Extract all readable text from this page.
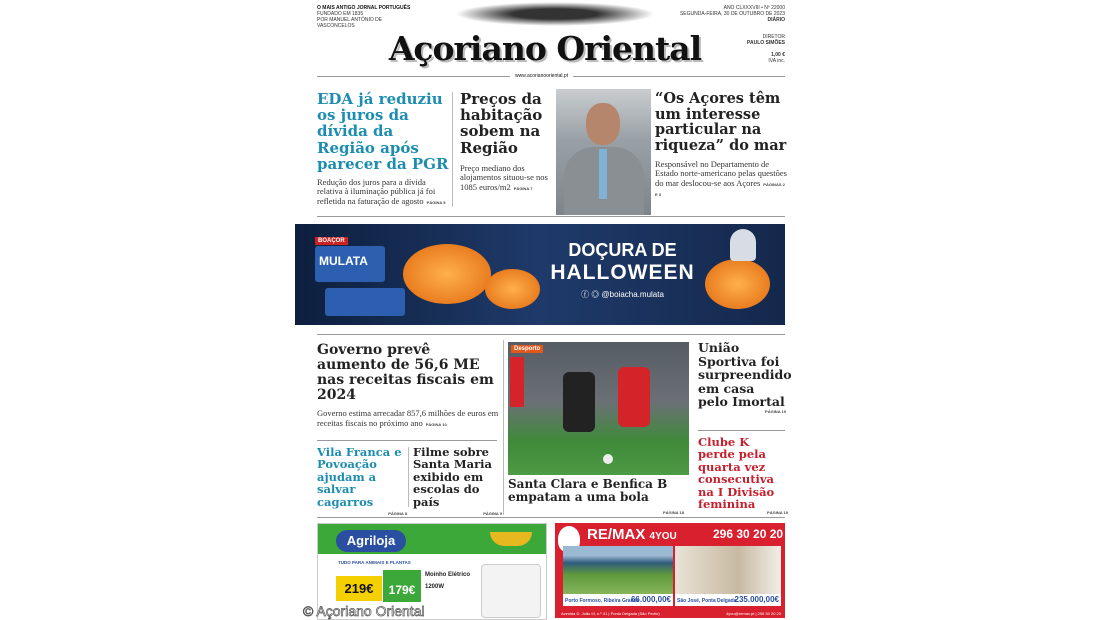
O MAIS ANTIGO JORNAL PORTUGUÊS
FUNDADO EM 1835
POR MANUEL ANTÓNIO DE VASCONCELOS
Açoriano Oriental
ANO CLXXXVIII • Nº 22000
SEGUNDA-FEIRA, 30 DE OUTUBRO DE 2023
DIÁRIO
DIRETOR
PAULO SIMÕES
1,00 €
IVA inc.
www.acorianooriental.pt
EDA já reduziu os juros da dívida da Região após parecer da PGR
Redução dos juros para a dívida relativa à iluminação pública já foi refletida na faturação de agosto PÁGINA 5
Preços da habitação sobem na Região
Preço mediano dos alojamentos situou-se nos 1085 euros/m2 PÁGINA 7
“Os Açores têm um interesse particular na riqueza” do mar
Responsável no Departamento de Estado norte-americano pelas questões do mar deslocou-se aos Açores PÁGINAS 2 E 3
BOAÇOR
MULATA
DOÇURA DE
HALLOWEEN
ⓕ ◎ @boiacha.mulata
Governo prevê aumento de 56,6 ME nas receitas fiscais em 2024
Governo estima arrecadar 857,6 milhões de euros em receitas fiscais no próximo ano PÁGINA 10
Vila Franca e Povoação ajudam a salvar cagarros
PÁGINA 8
Filme sobre Santa Maria exibido em escolas do país
PÁGINA 9
Desporto
Santa Clara e Benfica B empatam a uma bola
PÁGINA 18
União Sportiva foi surpreendido em casa pelo Imortal
PÁGINA 19
Clube K perde pela quarta vez consecutiva na I Divisão feminina
PÁGINA 19
Agriloja
TUDO PARA ANIMAIS E PLANTAS
219€	179€
Moinho Elétrico

1200W
RE/MAX 4YOU	296 30 20 20
Porto Formoso, Ribeira Grande
66.000,00€ São José, Ponta Delgada
235.000,00€
Avenida D. João III, n.º 41 | Ponta Delgada (São Pedro)	4you@remax.pt | 296 30 20 20
© Açoriano Oriental
